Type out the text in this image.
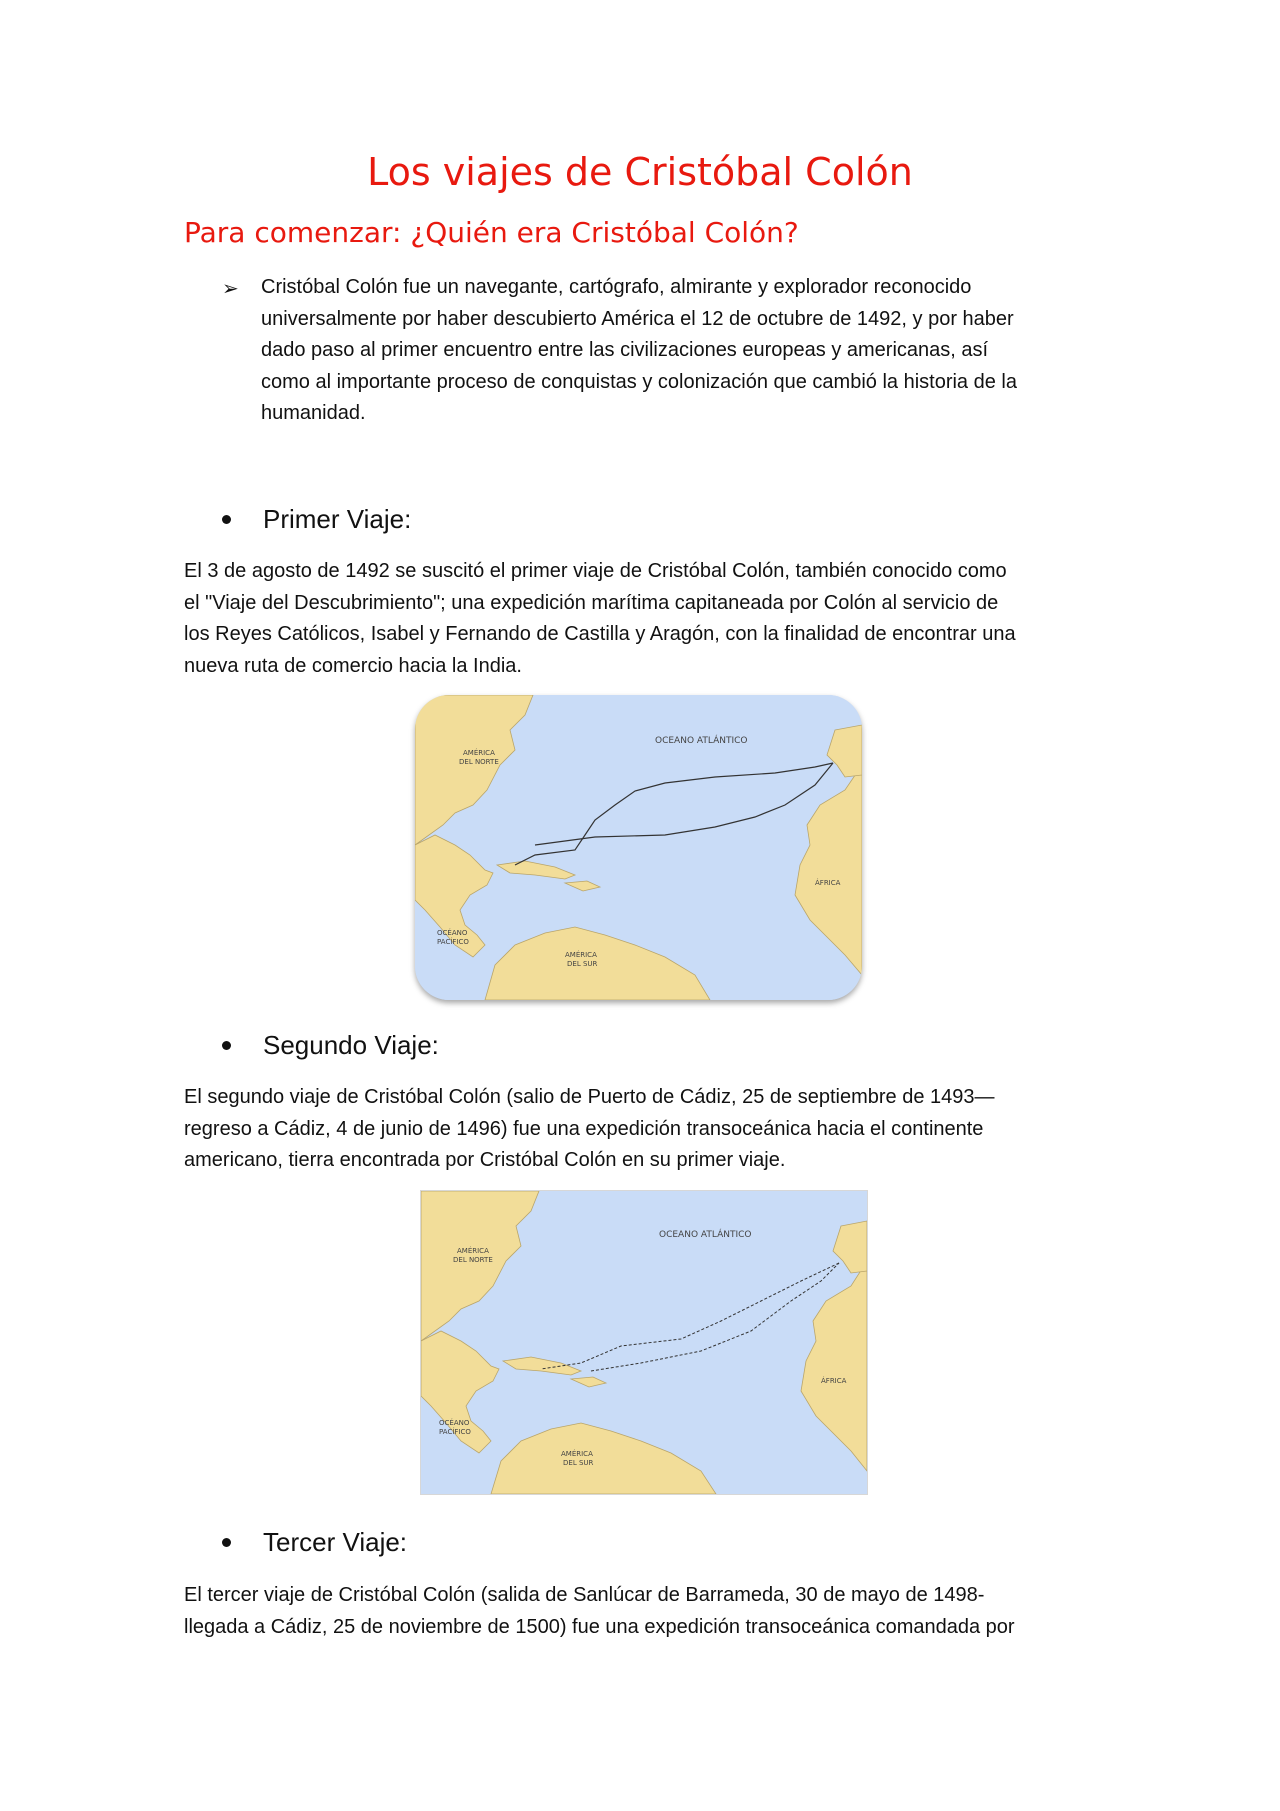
Los viajes de Cristóbal Colón
Para comenzar: ¿Quién era Cristóbal Colón?
➢ Cristóbal Colón fue un navegante, cartógrafo, almirante y explorador reconocido
universalmente por haber descubierto América el 12 de octubre de 1492, y por haber
dado paso al primer encuentro entre las civilizaciones europeas y americanas, así
como al importante proceso de conquistas y colonización que cambió la historia de la
humanidad.

Primer Viaje:

El 3 de agosto de 1492 se suscitó el primer viaje de Cristóbal Colón, también conocido como
el "Viaje del Descubrimiento"; una expedición marítima capitaneada por Colón al servicio de
los Reyes Católicos, Isabel y Fernando de Castilla y Aragón, con la finalidad de encontrar una
nueva ruta de comercio hacia la India.

OCEANO ATLÁNTICO
AMÉRICA
DEL NORTE
ÁFRICA
OCÉANO
PACÍFICO
AMÉRICA
DEL SUR
Segundo Viaje:

El segundo viaje de Cristóbal Colón (salio de Puerto de Cádiz, 25 de septiembre de 1493—
regreso a Cádiz, 4 de junio de 1496) fue una expedición transoceánica hacia el continente
americano, tierra encontrada por Cristóbal Colón en su primer viaje.

OCEANO ATLÁNTICO
AMÉRICA
DEL NORTE
ÁFRICA
OCÉANO
PACÍFICO
AMÉRICA
DEL SUR
Tercer Viaje:

El tercer viaje de Cristóbal Colón (salida de Sanlúcar de Barrameda, 30 de mayo de 1498-
llegada a Cádiz, 25 de noviembre de 1500) fue una expedición transoceánica comandada por
